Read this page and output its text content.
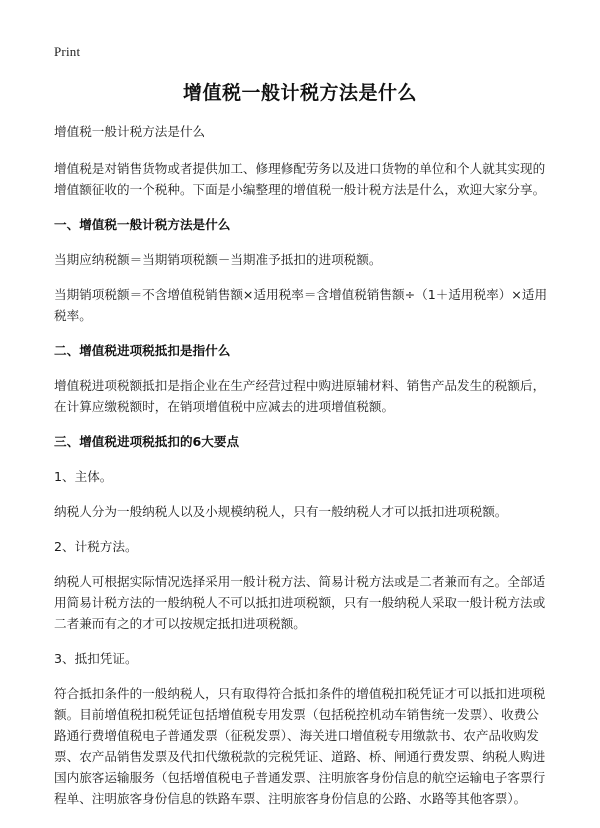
Print
增值税一般计税方法是什么

增值税一般计税方法是什么

增值税是对销售货物或者提供加工、修理修配劳务以及进口货物的单位和个人就其实现的增值额征收的一个税种。下面是小编整理的增值税一般计税方法是什么，欢迎大家分享。

一、增值税一般计税方法是什么

当期应纳税额＝当期销项税额－当期准予抵扣的进项税额。

当期销项税额＝不含增值税销售额×适用税率＝含增值税销售额÷（1＋适用税率）×适用税率。

二、增值税进项税抵扣是指什么

增值税进项税额抵扣是指企业在生产经营过程中购进原辅材料、销售产品发生的税额后，在计算应缴税额时，在销项增值税中应减去的进项增值税额。

三、增值税进项税抵扣的6大要点

1、主体。

纳税人分为一般纳税人以及小规模纳税人，只有一般纳税人才可以抵扣进项税额。

2、计税方法。

纳税人可根据实际情况选择采用一般计税方法、简易计税方法或是二者兼而有之。全部适用简易计税方法的一般纳税人不可以抵扣进项税额，只有一般纳税人采取一般计税方法或二者兼而有之的才可以按规定抵扣进项税额。

3、抵扣凭证。

符合抵扣条件的一般纳税人，只有取得符合抵扣条件的增值税扣税凭证才可以抵扣进项税额。目前增值税扣税凭证包括增值税专用发票（包括税控机动车销售统一发票）、收费公路通行费增值税电子普通发票（征税发票）、海关进口增值税专用缴款书、农产品收购发票、农产品销售发票及代扣代缴税款的完税凭证、道路、桥、闸通行费发票、纳税人购进国内旅客运输服务（包括增值税电子普通发票、注明旅客身份信息的航空运输电子客票行程单、注明旅客身份信息的铁路车票、注明旅客身份信息的公路、水路等其他客票）。
